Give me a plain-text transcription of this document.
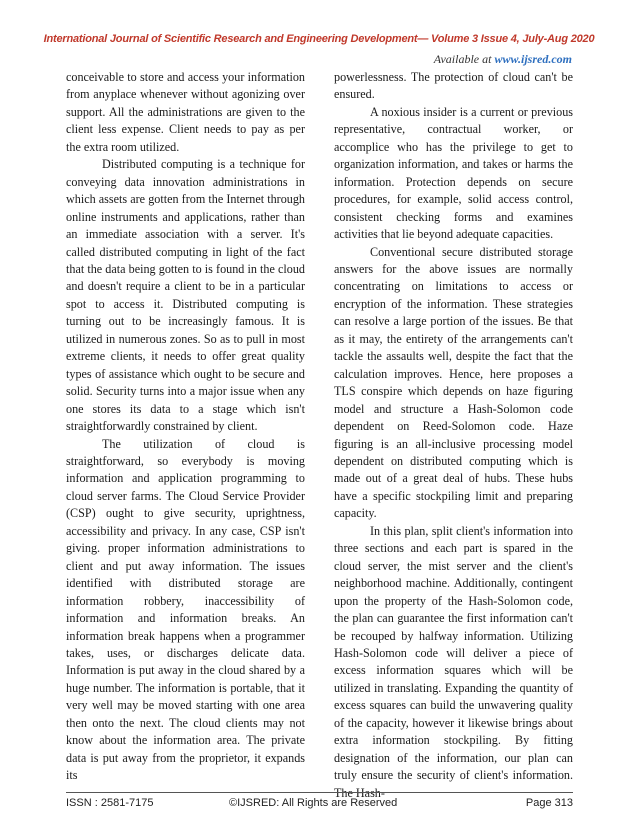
International Journal of Scientific Research and Engineering Development— Volume 3 Issue 4, July-Aug 2020
Available at www.ijsred.com

conceivable to store and access your information from anyplace whenever without agonizing over support. All the administrations are given to the client less expense. Client needs to pay as per the extra room utilized.

Distributed computing is a technique for conveying data innovation administrations in which assets are gotten from the Internet through online instruments and applications, rather than an immediate association with a server. It's called distributed computing in light of the fact that the data being gotten to is found in the cloud and doesn't require a client to be in a particular spot to access it. Distributed computing is turning out to be increasingly famous. It is utilized in numerous zones. So as to pull in most extreme clients, it needs to offer great quality types of assistance which ought to be secure and solid. Security turns into a major issue when any one stores its data to a stage which isn't straightforwardly constrained by client.

The utilization of cloud is straightforward, so everybody is moving information and application programming to cloud server farms. The Cloud Service Provider (CSP) ought to give security, uprightness, accessibility and privacy. In any case, CSP isn't giving. proper information administrations to client and put away information. The issues identified with distributed storage are information robbery, inaccessibility of information and information breaks. An information break happens when a programmer takes, uses, or discharges delicate data. Information is put away in the cloud shared by a huge number. The information is portable, that it very well may be moved starting with one area then onto the next. The cloud clients may not know about the information area. The private data is put away from the proprietor, it expands its

powerlessness. The protection of cloud can't be ensured.

A noxious insider is a current or previous representative, contractual worker, or accomplice who has the privilege to get to organization information, and takes or harms the information. Protection depends on secure procedures, for example, solid access control, consistent checking forms and examines activities that lie beyond adequate capacities.

Conventional secure distributed storage answers for the above issues are normally concentrating on limitations to access or encryption of the information. These strategies can resolve a large portion of the issues. Be that as it may, the entirety of the arrangements can't tackle the assaults well, despite the fact that the calculation improves. Hence, here proposes a TLS conspire which depends on haze figuring model and structure a Hash-Solomon code dependent on Reed-Solomon code. Haze figuring is an all-inclusive processing model dependent on distributed computing which is made out of a great deal of hubs. These hubs have a specific stockpiling limit and preparing capacity.

In this plan, split client's information into three sections and each part is spared in the cloud server, the mist server and the client's neighborhood machine. Additionally, contingent upon the property of the Hash-Solomon code, the plan can guarantee the first information can't be recouped by halfway information. Utilizing Hash-Solomon code will deliver a piece of excess information squares which will be utilized in translating. Expanding the quantity of excess squares can build the unwavering quality of the capacity, however it likewise brings about extra information stockpiling. By fitting designation of the information, our plan can truly ensure the security of client's information. The Hash-

ISSN : 2581-7175	©IJSRED: All Rights are Reserved	Page 313
